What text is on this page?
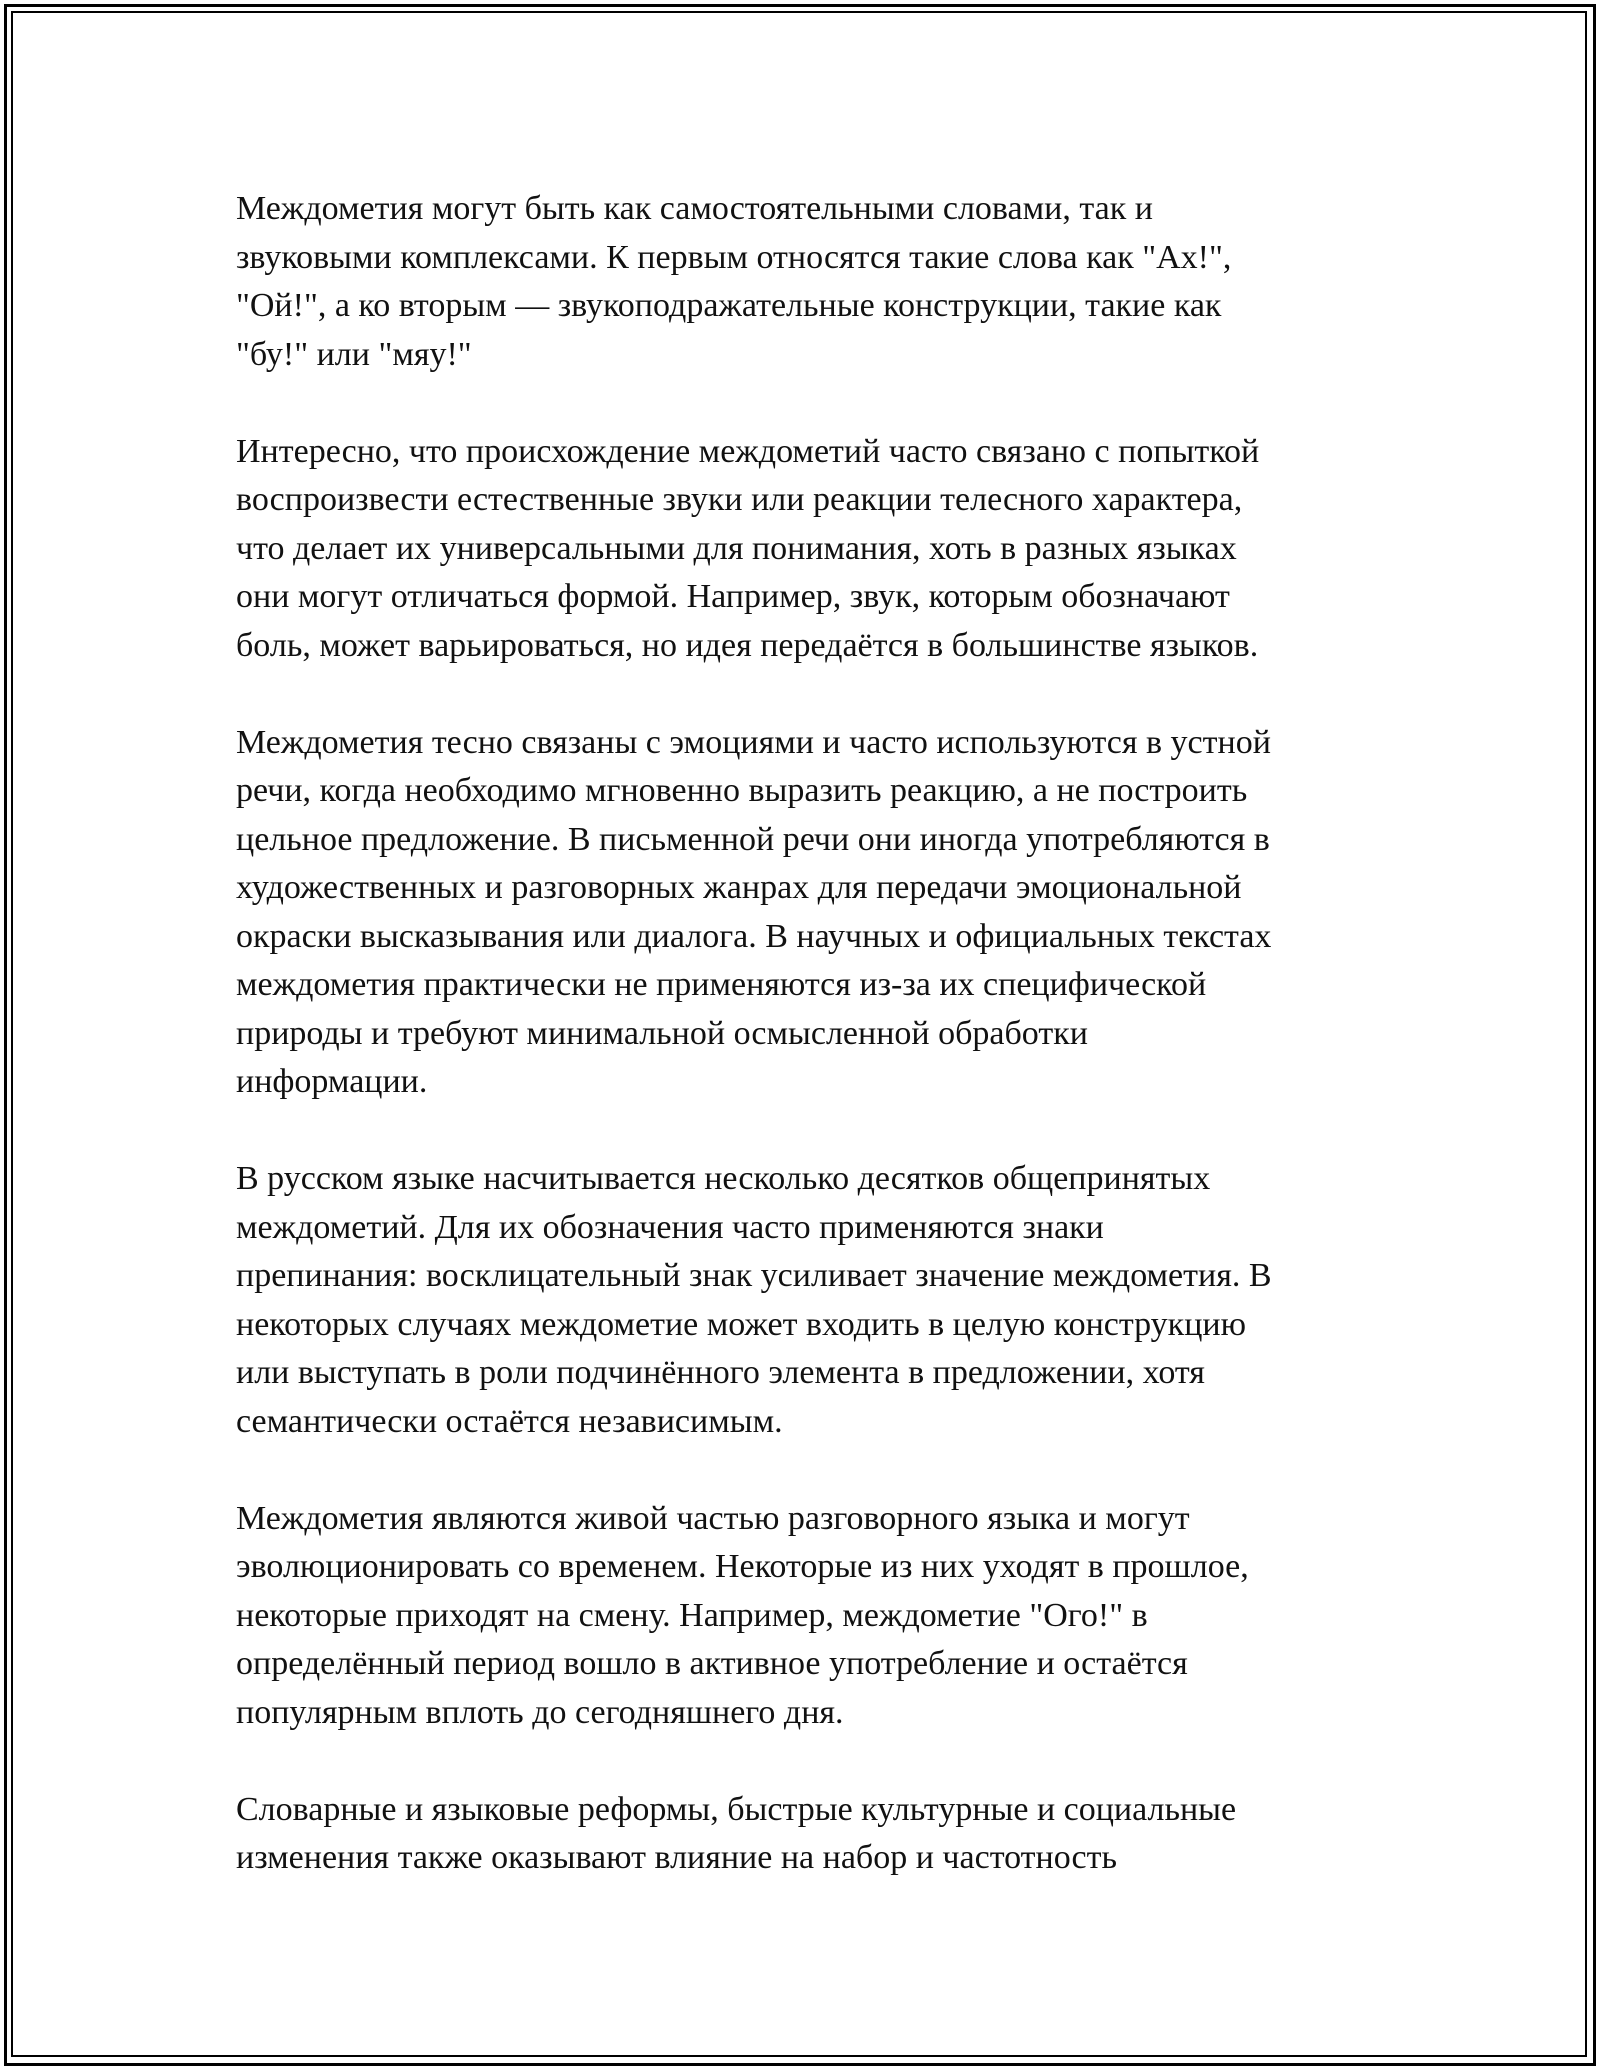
Междометия могут быть как самостоятельными словами, так и
звуковыми комплексами. К первым относятся такие слова как "Ах!",
"Ой!", а ко вторым — звукоподражательные конструкции, такие как
"бу!" или "мяу!"

Интересно, что происхождение междометий часто связано с попыткой
воспроизвести естественные звуки или реакции телесного характера,
что делает их универсальными для понимания, хоть в разных языках
они могут отличаться формой. Например, звук, которым обозначают
боль, может варьироваться, но идея передаётся в большинстве языков.

Междометия тесно связаны с эмоциями и часто используются в устной
речи, когда необходимо мгновенно выразить реакцию, а не построить
цельное предложение. В письменной речи они иногда употребляются в
художественных и разговорных жанрах для передачи эмоциональной
окраски высказывания или диалога. В научных и официальных текстах
междометия практически не применяются из-за их специфической
природы и требуют минимальной осмысленной обработки
информации.

В русском языке насчитывается несколько десятков общепринятых
междометий. Для их обозначения часто применяются знаки
препинания: восклицательный знак усиливает значение междометия. В
некоторых случаях междометие может входить в целую конструкцию
или выступать в роли подчинённого элемента в предложении, хотя
семантически остаётся независимым.

Междометия являются живой частью разговорного языка и могут
эволюционировать со временем. Некоторые из них уходят в прошлое,
некоторые приходят на смену. Например, междометие "Ого!" в
определённый период вошло в активное употребление и остаётся
популярным вплоть до сегодняшнего дня.

Словарные и языковые реформы, быстрые культурные и социальные
изменения также оказывают влияние на набор и частотность
